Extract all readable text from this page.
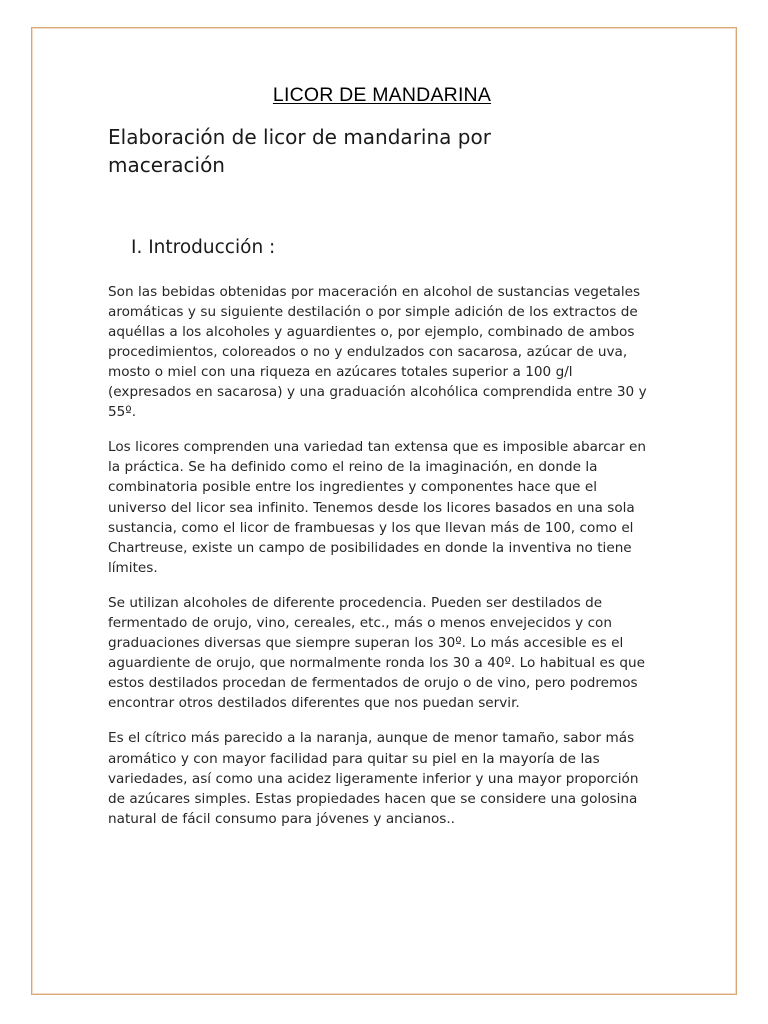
LICOR DE MANDARINA
Elaboración de licor de mandarina por maceración
I. Introducción :

Son las bebidas obtenidas por maceración en alcohol de sustancias vegetales aromáticas y su siguiente destilación o por simple adición de los extractos de aquéllas a los alcoholes y aguardientes o, por ejemplo, combinado de ambos procedimientos, coloreados o no y endulzados con sacarosa, azúcar de uva, mosto o miel con una riqueza en azúcares totales superior a 100 g/l (expresados en sacarosa) y una graduación alcohólica comprendida entre 30 y 55º.

Los licores comprenden una variedad tan extensa que es imposible abarcar en la práctica. Se ha definido como el reino de la imaginación, en donde la combinatoria posible entre los ingredientes y componentes hace que el universo del licor sea infinito. Tenemos desde los licores basados en una sola sustancia, como el licor de frambuesas y los que llevan más de 100, como el Chartreuse, existe un campo de posibilidades en donde la inventiva no tiene límites.

Se utilizan alcoholes de diferente procedencia. Pueden ser destilados de fermentado de orujo, vino, cereales, etc., más o menos envejecidos y con graduaciones diversas que siempre superan los 30º. Lo más accesible es el aguardiente de orujo, que normalmente ronda los 30 a 40º. Lo habitual es que estos destilados procedan de fermentados de orujo o de vino, pero podremos encontrar otros destilados diferentes que nos puedan servir.

Es el cítrico más parecido a la naranja, aunque de menor tamaño, sabor más aromático y con mayor facilidad para quitar su piel en la mayoría de las variedades, así como una acidez ligeramente inferior y una mayor proporción de azúcares simples. Estas propiedades hacen que se considere una golosina natural de fácil consumo para jóvenes y ancianos..
